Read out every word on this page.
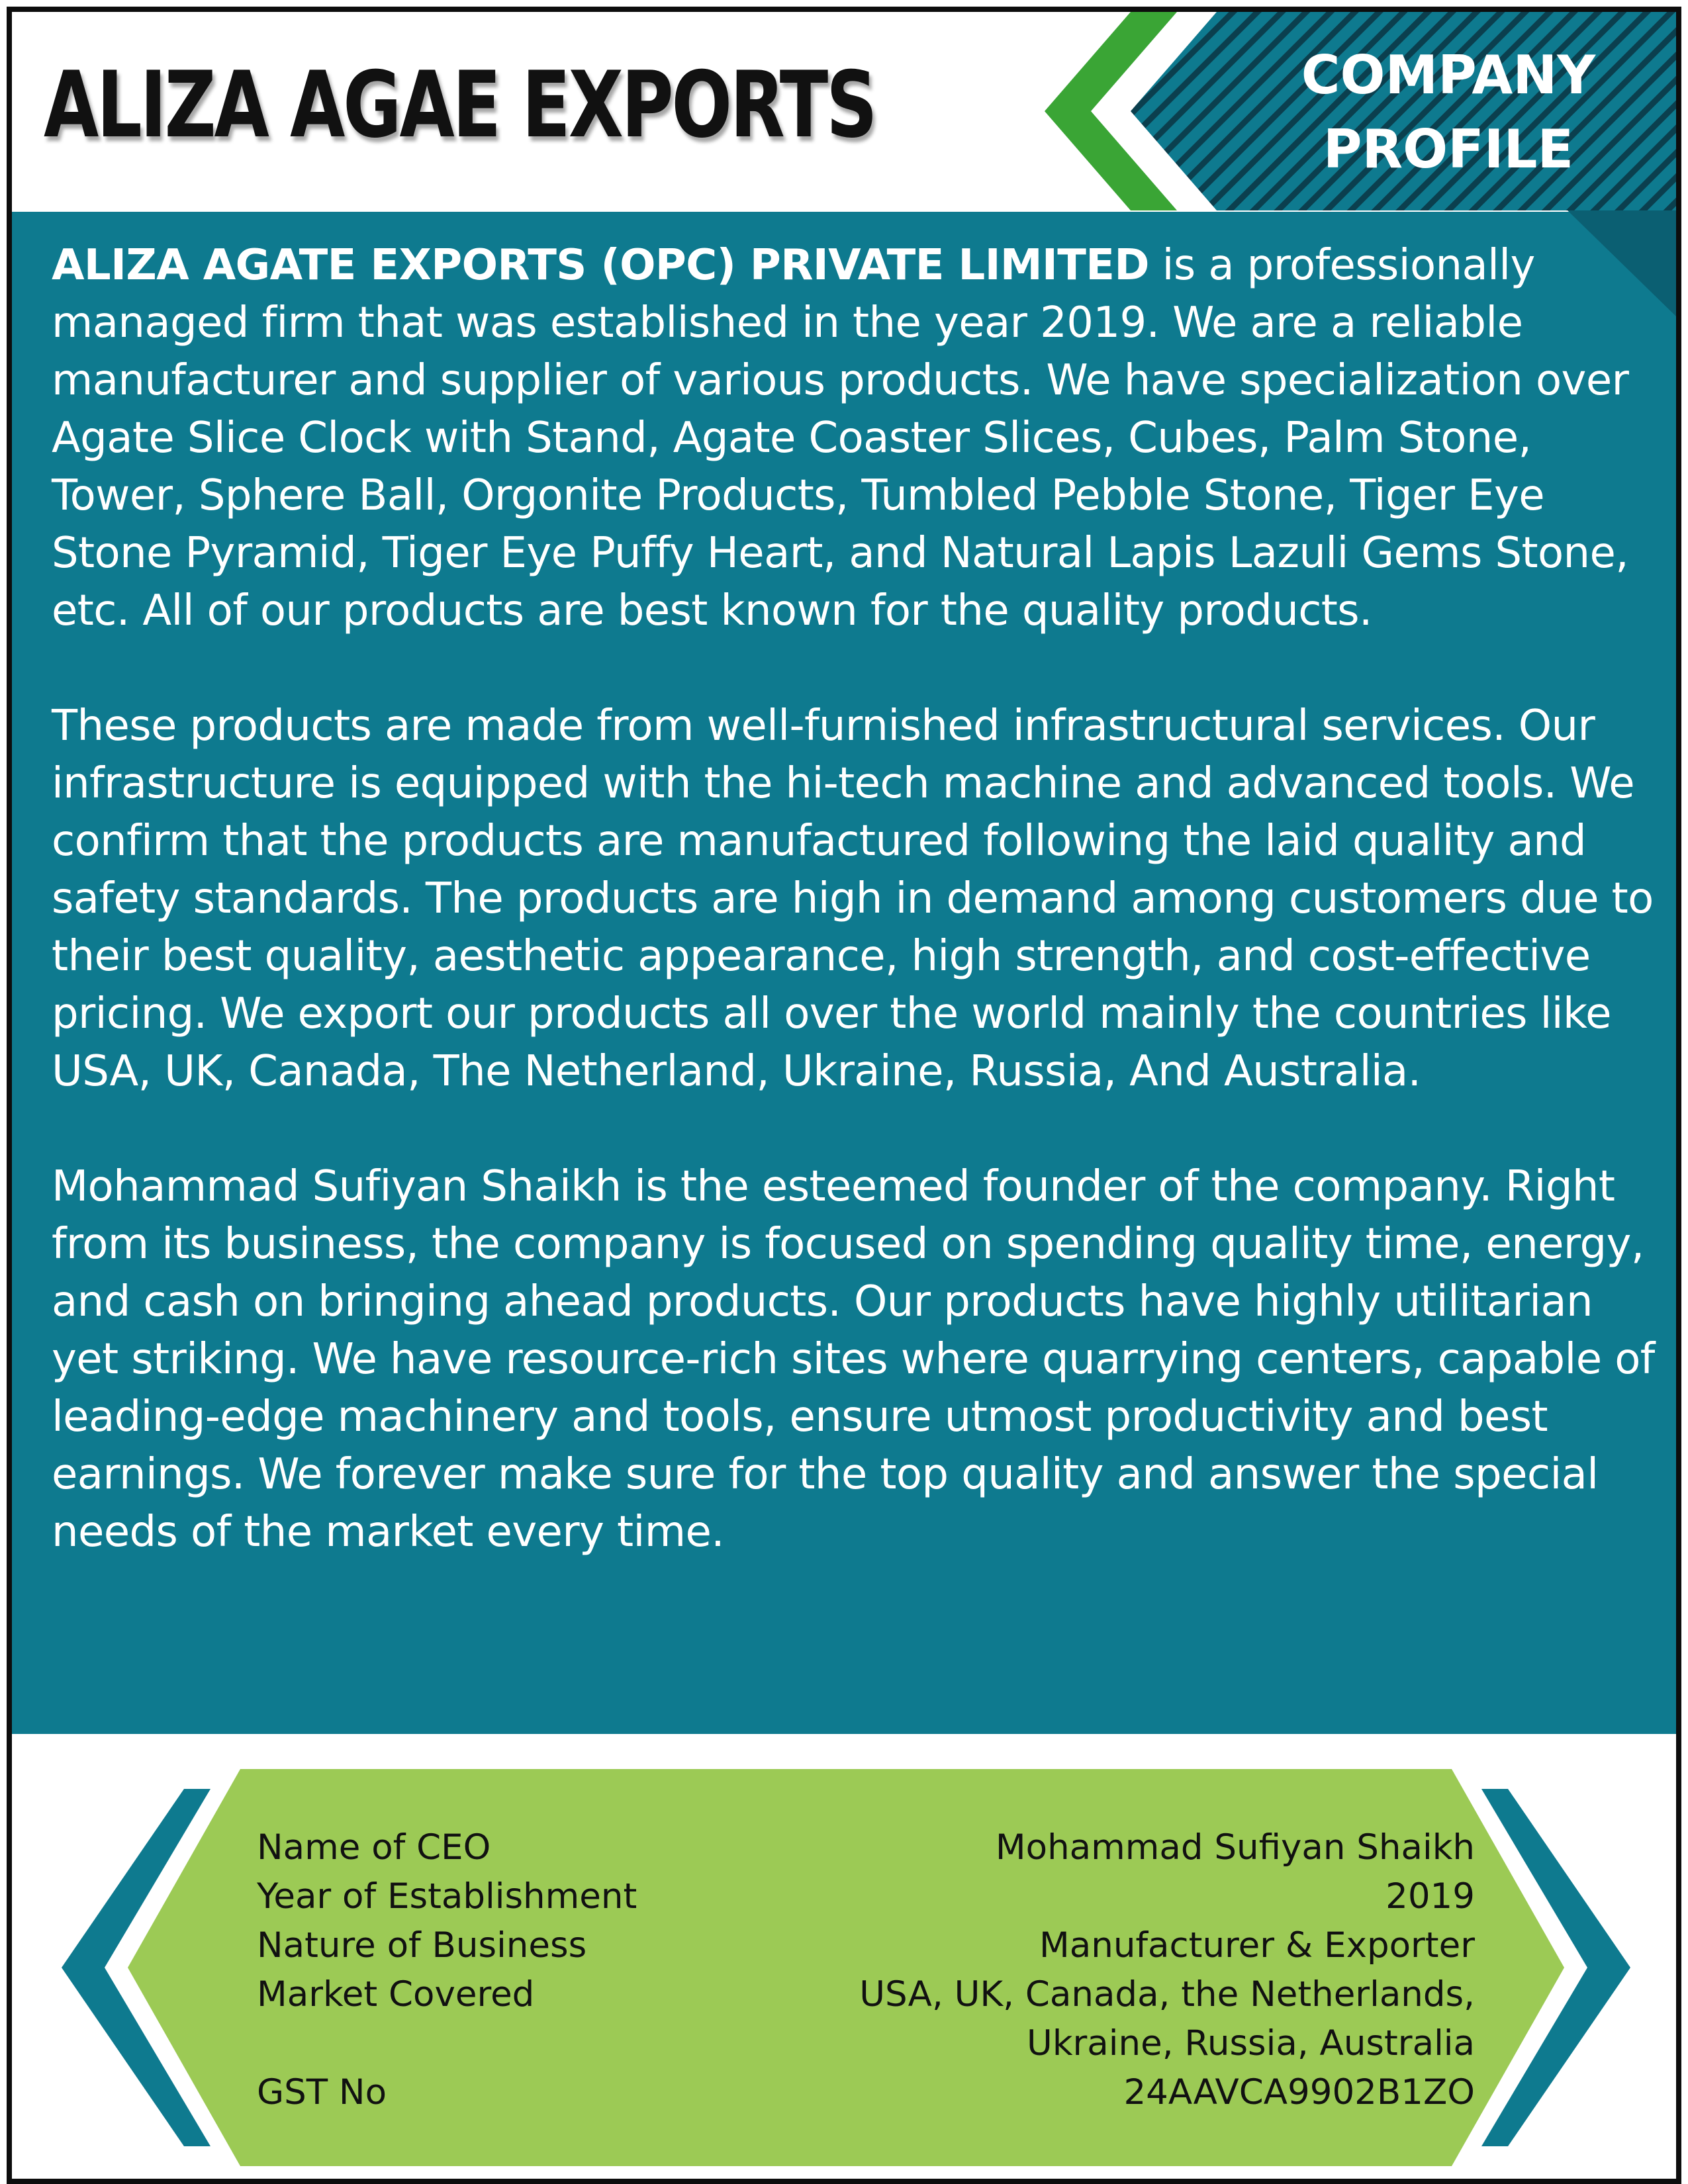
ALIZA AGAE EXPORTS	COMPANY
PROFILE

ALIZA AGATE EXPORTS (OPC) PRIVATE LIMITED is a professionally managed firm that was established in the year 2019. We are a reliable manufacturer and supplier of various products. We have specialization over Agate Slice Clock with Stand, Agate Coaster Slices, Cubes, Palm Stone, Tower, Sphere Ball, Orgonite Products, Tumbled Pebble Stone, Tiger Eye Stone Pyramid, Tiger Eye Puffy Heart, and Natural Lapis Lazuli Gems Stone, etc. All of our products are best known for the quality products.

These products are made from well-furnished infrastructural services. Our infrastructure is equipped with the hi-tech machine and advanced tools. We confirm that the products are manufactured following the laid quality and safety standards. The products are high in demand among customers due to their best quality, aesthetic appearance, high strength, and cost-effective pricing. We export our products all over the world mainly the countries like USA, UK, Canada, The Netherland, Ukraine, Russia, And Australia.

Mohammad Sufiyan Shaikh is the esteemed founder of the company. Right from its business, the company is focused on spending quality time, energy, and cash on bringing ahead products. Our products have highly utilitarian yet striking. We have resource-rich sites where quarrying centers, capable of leading-edge machinery and tools, ensure utmost productivity and best earnings. We forever make sure for the top quality and answer the special needs of the market every time.

Name of CEO
Year of Establishment
Nature of Business
Market Covered
GST No
Mohammad Sufiyan Shaikh
2019
Manufacturer & Exporter
USA, UK, Canada, the Netherlands,
Ukraine, Russia, Australia
24AAVCA9902B1ZO
